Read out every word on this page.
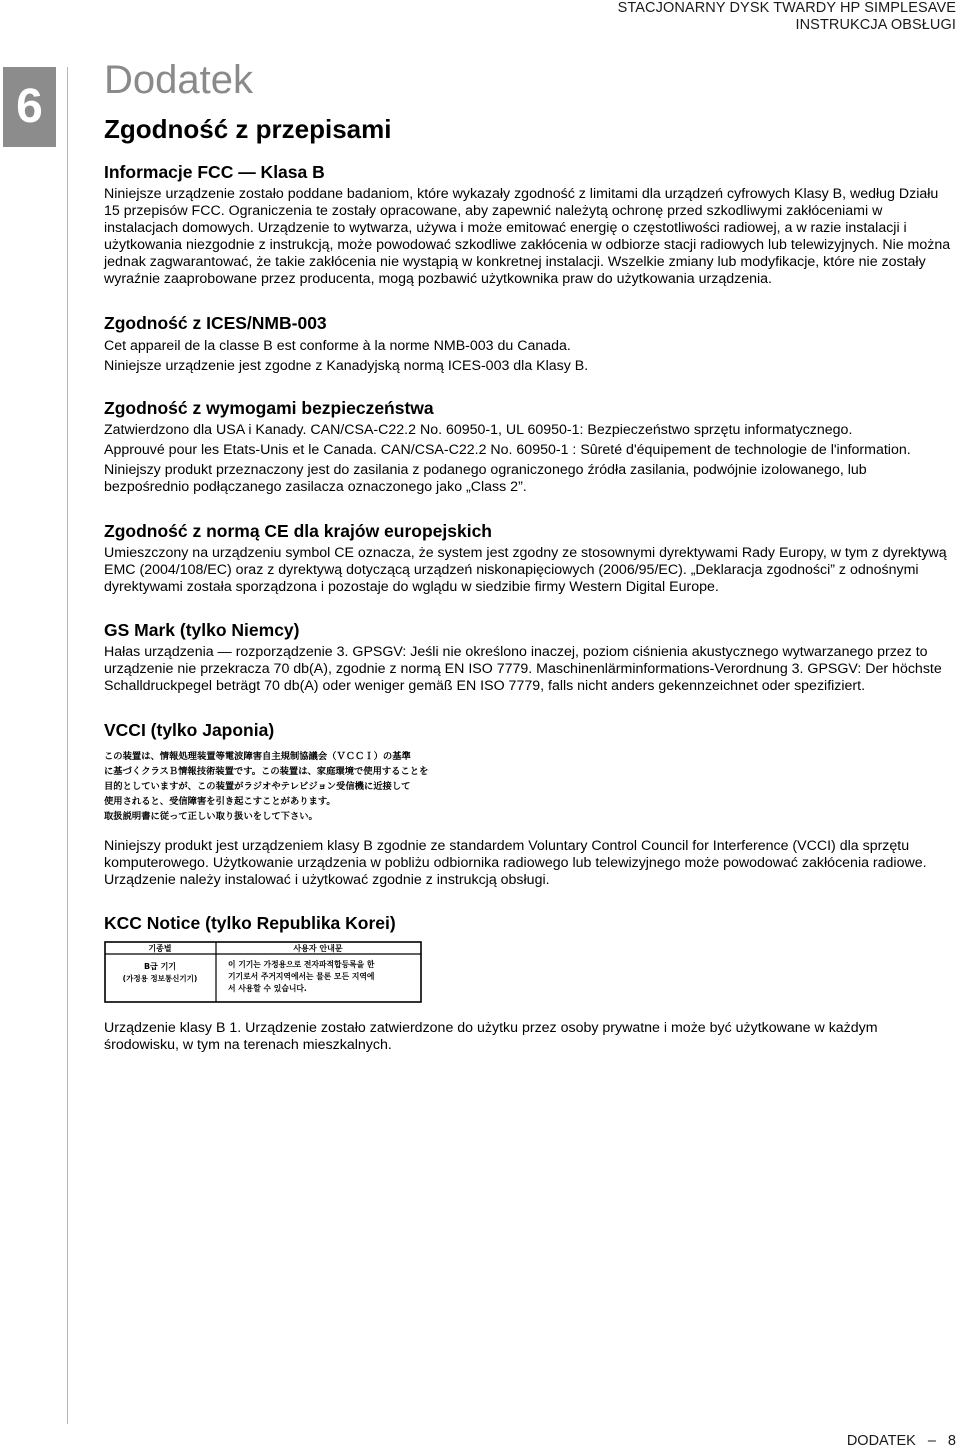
STACJONARNY DYSK TWARDY HP SIMPLESAVE
INSTRUKCJA OBSŁUGI
6 Dodatek
Zgodność z przepisami
Informacje FCC — Klasa B

Niniejsze urządzenie zostało poddane badaniom, które wykazały zgodność z limitami dla urządzeń cyfrowych Klasy B, według Działu 15 przepisów FCC. Ograniczenia te zostały opracowane, aby zapewnić należytą ochronę przed szkodliwymi zakłóceniami w instalacjach domowych. Urządzenie to wytwarza, używa i może emitować energię o częstotliwości radiowej, a w razie instalacji i użytkowania niezgodnie z instrukcją, może powodować szkodliwe zakłócenia w odbiorze stacji radiowych lub telewizyjnych. Nie można jednak zagwarantować, że takie zakłócenia nie wystąpią w konkretnej instalacji. Wszelkie zmiany lub modyfikacje, które nie zostały wyraźnie zaaprobowane przez producenta, mogą pozbawić użytkownika praw do użytkowania urządzenia.

Zgodność z ICES/NMB-003

Cet appareil de la classe B est conforme à la norme NMB-003 du Canada.

Niniejsze urządzenie jest zgodne z Kanadyjską normą ICES-003 dla Klasy B.

Zgodność z wymogami bezpieczeństwa

Zatwierdzono dla USA i Kanady. CAN/CSA-C22.2 No. 60950-1, UL 60950-1: Bezpieczeństwo sprzętu informatycznego.

Approuvé pour les Etats-Unis et le Canada. CAN/CSA-C22.2 No. 60950-1 : Sûreté d'équipement de technologie de l'information.

Niniejszy produkt przeznaczony jest do zasilania z podanego ograniczonego źródła zasilania, podwójnie izolowanego, lub bezpośrednio podłączanego zasilacza oznaczonego jako „Class 2”.

Zgodność z normą CE dla krajów europejskich

Umieszczony na urządzeniu symbol CE oznacza, że system jest zgodny ze stosownymi dyrektywami Rady Europy, w tym z dyrektywą EMC (2004/108/EC) oraz z dyrektywą dotyczącą urządzeń niskonapięciowych (2006/95/EC). „Deklaracja zgodności” z odnośnymi dyrektywami została sporządzona i pozostaje do wglądu w siedzibie firmy Western Digital Europe.

GS Mark (tylko Niemcy)

Hałas urządzenia — rozporządzenie 3. GPSGV: Jeśli nie określono inaczej, poziom ciśnienia akustycznego wytwarzanego przez to urządzenie nie przekracza 70 db(A), zgodnie z normą EN ISO 7779. Maschinenlärminformations-Verordnung 3. GPSGV: Der höchste Schalldruckpegel beträgt 70 db(A) oder weniger gemäß EN ISO 7779, falls nicht anders gekennzeichnet oder spezifiziert.

VCCI (tylko Japonia)
この装置は、情報処理装置等電波障害自主規制協議会（ＶＣＣＩ）の基準
に基づくクラスＢ情報技術装置です。この装置は、家庭環境で使用することを
目的としていますが、この装置がラジオやテレビジョン受信機に近接して
使用されると、受信障害を引き起こすことがあります。
取扱説明書に従って正しい取り扱いをして下さい。

Niniejszy produkt jest urządzeniem klasy B zgodnie ze standardem Voluntary Control Council for Interference (VCCI) dla sprzętu komputerowego. Użytkowanie urządzenia w pobliżu odbiornika radiowego lub telewizyjnego może powodować zakłócenia radiowe. Urządzenie należy instalować i użytkować zgodnie z instrukcją obsługi.

KCC Notice (tylko Republika Korei)
기종별	사용자 안내문
B급 기기
(가정용 정보통신기기)
이 기기는 가정용으로 전자파적합등록을 한
기기로서 주거지역에서는 물론 모든 지역에
서 사용할 수 있습니다.

Urządzenie klasy B 1. Urządzenie zostało zatwierdzone do użytku przez osoby prywatne i może być użytkowane w każdym środowisku, w tym na terenach mieszkalnych.

DODATEK – 8
